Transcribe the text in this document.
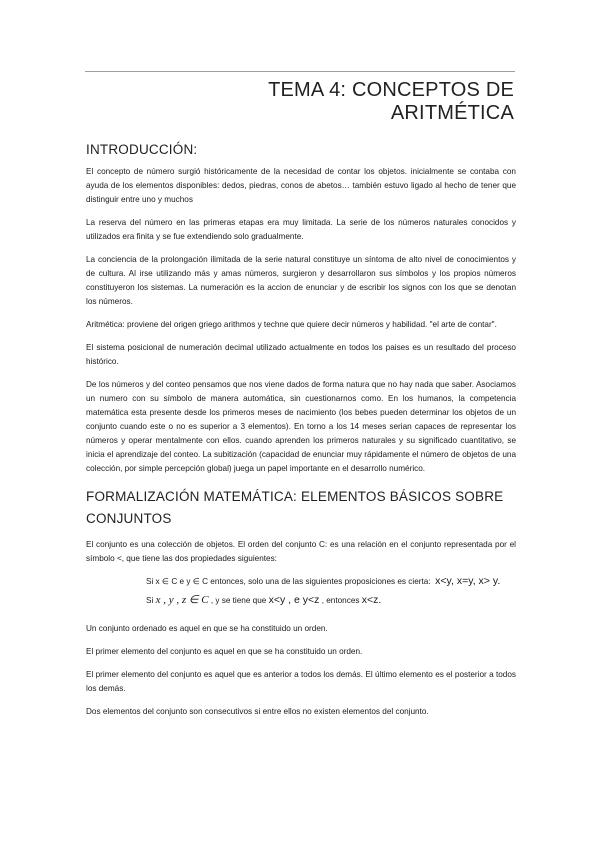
TEMA 4: CONCEPTOS DE ARITMÉTICA
INTRODUCCIÓN:

El concepto de número surgió históricamente de la necesidad de contar los objetos. inicialmente se contaba con ayuda de los elementos disponibles: dedos, piedras, conos de abetos… también estuvo ligado al hecho de tener que distinguir entre uno y muchos

La reserva del número en las primeras etapas era muy limitada. La serie de los números naturales conocidos y utilizados era finita y se fue extendiendo solo gradualmente.

La conciencia de la prolongación ilimitada de la serie natural constituye un síntoma de alto nivel de conocimientos y de cultura. Al irse utilizando más y amas números, surgieron y desarrollaron sus símbolos y los propios números constituyeron los sistemas. La numeración es la accion de enunciar y de escribir los signos con los que se denotan los números.

Aritmética: proviene del origen griego arithmos y techne que quiere decir números y habilidad. "el arte de contar".

El sistema posicional de numeración decimal utilizado actualmente en todos los paises es un resultado del proceso histórico.

De los números y del conteo pensamos que nos viene dados de forma natura que no hay nada que saber. Asociamos un numero con su símbolo de manera automática, sin cuestionarnos como. En los humanos, la competencia matemática esta presente desde los primeros meses de nacimiento (los bebes pueden determinar los objetos de un conjunto cuando este o no es superior a 3 elementos). En torno a los 14 meses serian capaces de representar los números y operar mentalmente con ellos. cuando aprenden los primeros naturales y su significado cuantitativo, se inicia el aprendizaje del conteo. La subitización (capacidad de enunciar muy rápidamente el número de objetos de una colección, por simple percepción global) juega un papel importante en el desarrollo numérico.

FORMALIZACIÓN MATEMÁTICA: ELEMENTOS BÁSICOS SOBRE CONJUNTOS

El conjunto es una colección de objetos. El orden del conjunto C: es una relación en el conjunto representada por el símbolo <, que tiene las dos propiedades siguientes:

Si x ∈ C e y ∈ C entonces, solo una de las siguientes proposiciones es cierta: x<y, x=y, x> y.
Si x , y , z ∈ C , y se tiene que x<y , e y<z , entonces x<z.

Un conjunto ordenado es aquel en que se ha constituido un orden.

El primer elemento del conjunto es aquel en que se ha constituido un orden.

El primer elemento del conjunto es aquel que es anterior a todos los demás. El último elemento es el posterior a todos los demás.

Dos elementos del conjunto son consecutivos si entre ellos no existen elementos del conjunto.
